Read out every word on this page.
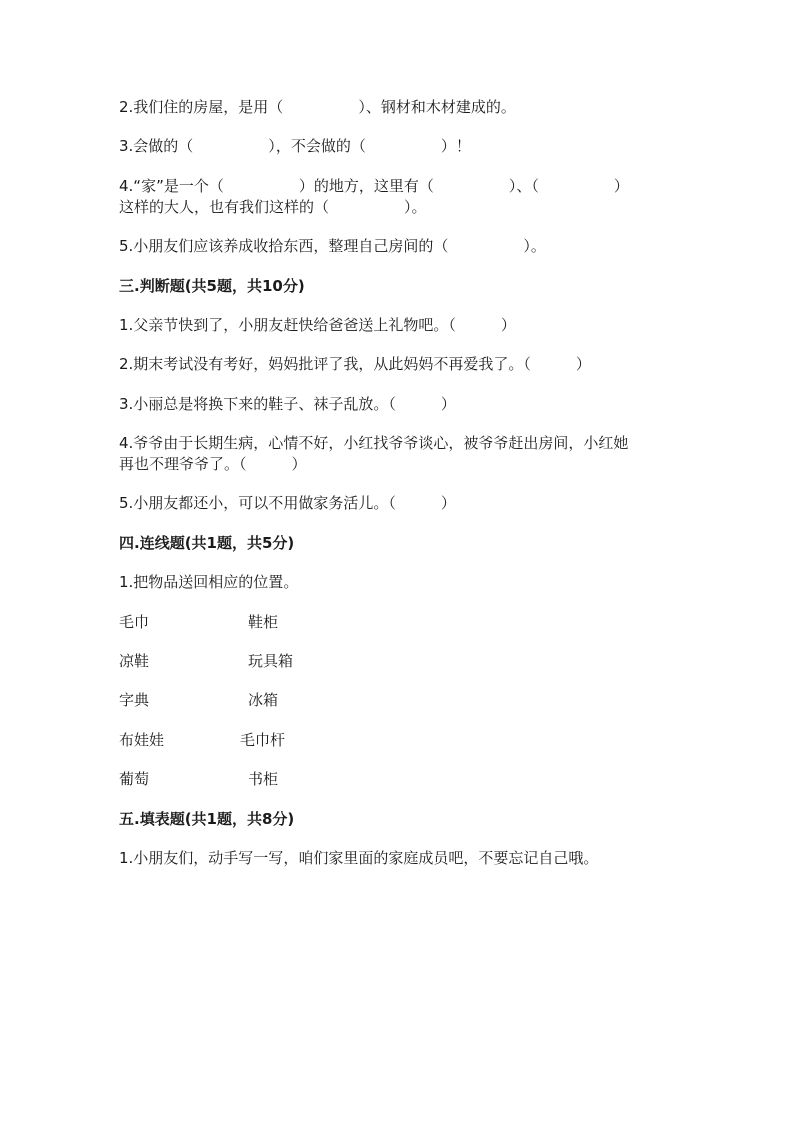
2.我们住的房屋，是用（　　　　　）、钢材和木材建成的。
3.会做的（　　　　　），不会做的（　　　　　）！
4.“家”是一个（　　　　　）的地方，这里有（　　　　　）、（　　　　　）
这样的大人，也有我们这样的（　　　　　）。
5.小朋友们应该养成收拾东西，整理自己房间的（　　　　　）。
三.判断题(共5题，共10分)
1.父亲节快到了，小朋友赶快给爸爸送上礼物吧。（　　　）
2.期末考试没有考好，妈妈批评了我，从此妈妈不再爱我了。（　　　）
3.小丽总是将换下来的鞋子、袜子乱放。（　　　）
4.爷爷由于长期生病，心情不好，小红找爷爷谈心，被爷爷赶出房间，小红她
再也不理爷爷了。（　　　）
5.小朋友都还小，可以不用做家务活儿。（　　　）
四.连线题(共1题，共5分)
1.把物品送回相应的位置。
毛巾	鞋柜
凉鞋	玩具箱
字典	冰箱
布娃娃	毛巾杆
葡萄	书柜
五.填表题(共1题，共8分)
1.小朋友们，动手写一写，咱们家里面的家庭成员吧，不要忘记自己哦。
